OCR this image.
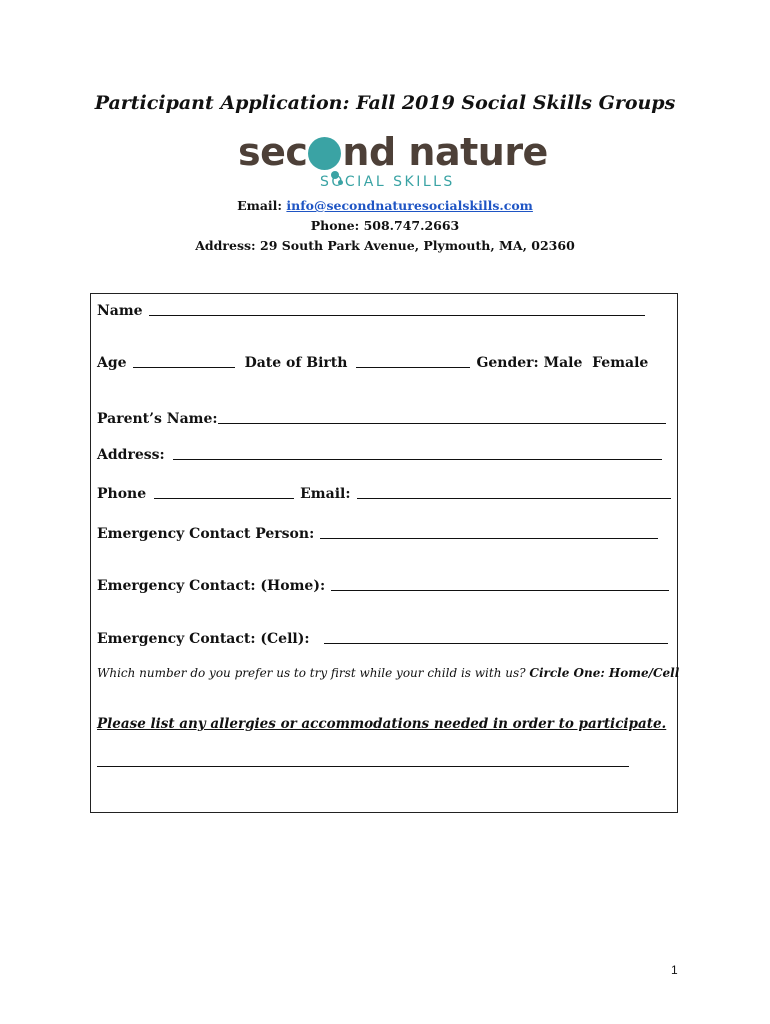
Participant Application: Fall 2019 Social Skills Groups
sec nd nature
SOCIAL SKILLS
Email: info@secondnaturesocialskills.com
Phone: 508.747.2663
Address: 29 South Park Avenue, Plymouth, MA, 02360
Name
Age	Date of Birth	Gender: Male  Female
Parent’s Name:
Address:
Phone	Email:
Emergency Contact Person:
Emergency Contact: (Home):
Emergency Contact: (Cell):
Which number do you prefer us to try first while your child is with us?
Circle One: Home/Cell
Please list any allergies or accommodations needed in order to participate.
1
